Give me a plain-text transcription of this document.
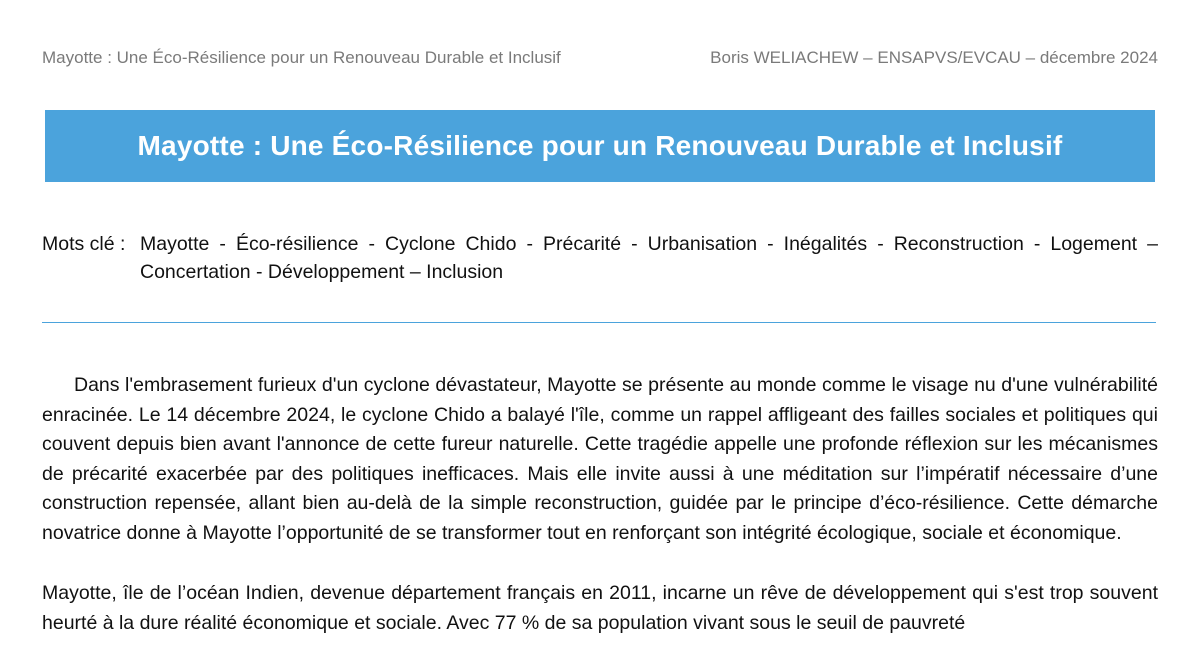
Mayotte : Une Éco-Résilience pour un Renouveau Durable et Inclusif	Boris WELIACHEW – ENSAPVS/EVCAU – décembre 2024
Mayotte : Une Éco-Résilience pour un Renouveau Durable et Inclusif
Mots clé : Mayotte - Éco-résilience - Cyclone Chido - Précarité - Urbanisation - Inégalités - Reconstruction - Logement – Concertation - Développement – Inclusion

Dans l'embrasement furieux d'un cyclone dévastateur, Mayotte se présente au monde comme le visage nu d'une vulnérabilité enracinée. Le 14 décembre 2024, le cyclone Chido a balayé l'île, comme un rappel affligeant des failles sociales et politiques qui couvent depuis bien avant l'annonce de cette fureur naturelle. Cette tragédie appelle une profonde réflexion sur les mécanismes de précarité exacerbée par des politiques inefficaces. Mais elle invite aussi à une méditation sur l’impératif nécessaire d’une construction repensée, allant bien au-delà de la simple reconstruction, guidée par le principe d’éco-résilience. Cette démarche novatrice donne à Mayotte l’opportunité de se transformer tout en renforçant son intégrité écologique, sociale et économique.

Mayotte, île de l’océan Indien, devenue département français en 2011, incarne un rêve de développement qui s'est trop souvent heurté à la dure réalité économique et sociale. Avec 77 % de sa population vivant sous le seuil de pauvreté
